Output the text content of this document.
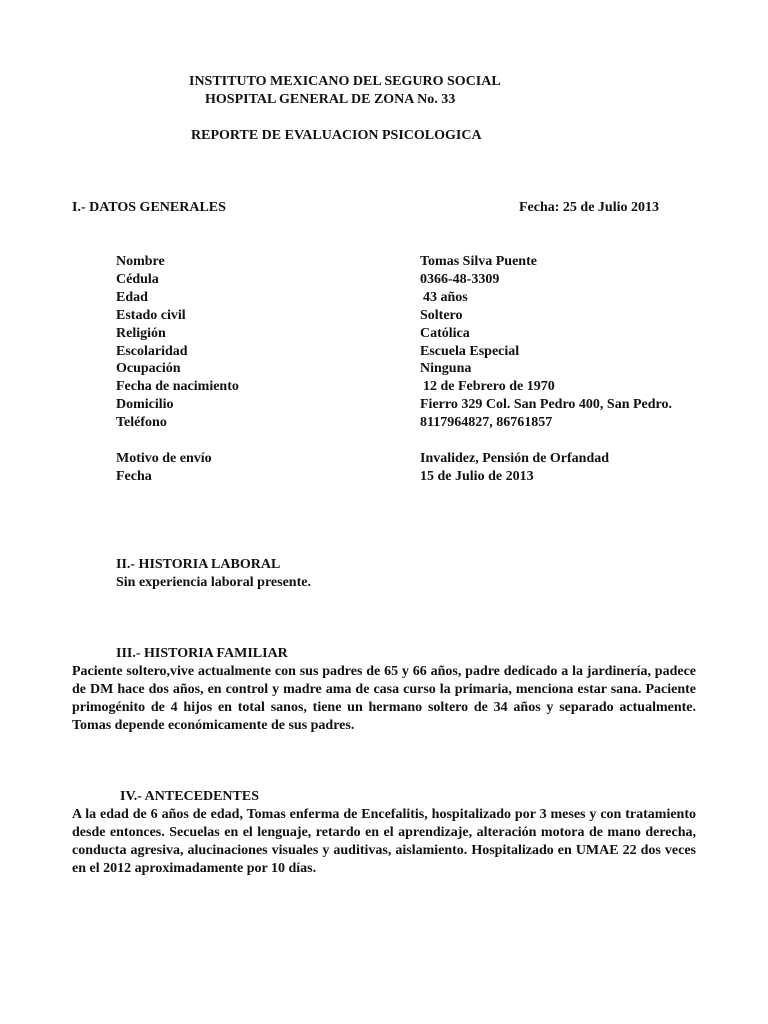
INSTITUTO MEXICANO DEL SEGURO SOCIAL
HOSPITAL GENERAL DE ZONA No. 33
REPORTE DE EVALUACION PSICOLOGICA
I.- DATOS GENERALES	Fecha: 25 de Julio 2013
Nombre	Tomas Silva Puente
Cédula	0366-48-3309
Edad	43 años
Estado civil	Soltero
Religión	Católica
Escolaridad	Escuela Especial
Ocupación	Ninguna
Fecha de nacimiento	12 de Febrero de 1970
Domicilio	Fierro 329 Col. San Pedro 400, San Pedro.
Teléfono	8117964827, 86761857
Motivo de envío	Invalidez, Pensión de Orfandad
Fecha	15 de Julio de 2013
II.- HISTORIA LABORAL
Sin experiencia laboral presente.
III.- HISTORIA FAMILIAR
Paciente soltero,vive actualmente con sus padres de 65 y 66 años, padre dedicado a la jardinería, padece de DM hace dos años, en control y madre ama de casa curso la primaria, menciona estar sana. Paciente primogénito de 4 hijos en total sanos, tiene un hermano soltero de 34 años y separado actualmente. Tomas depende económicamente de sus padres.
IV.- ANTECEDENTES
A la edad de 6 años de edad, Tomas enferma de Encefalitis, hospitalizado por 3 meses y con tratamiento desde entonces. Secuelas en el lenguaje, retardo en el aprendizaje, alteración motora de mano derecha, conducta agresiva, alucinaciones visuales y auditivas, aislamiento. Hospitalizado en UMAE 22 dos veces en el 2012 aproximadamente por 10 días.
